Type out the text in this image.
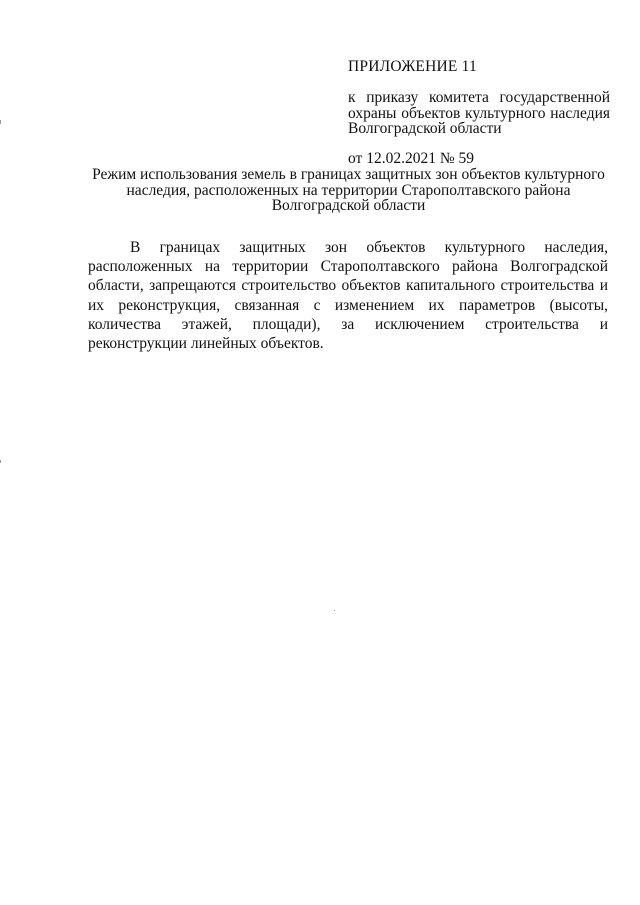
ПРИЛОЖЕНИЕ 11

к приказу комитета государственной охраны объектов культурного наследия Волгоградской области

от 12.02.2021 № 59

Режим использования земель в границах защитных зон объектов культурного наследия, расположенных на территории Старополтавского района Волгоградской области

В границах защитных зон объектов культурного наследия, расположенных на территории Старополтавского района Волгоградской области, запрещаются строительство объектов капитального строительства и их реконструкция, связанная с изменением их параметров (высоты, количества этажей, площади), за исключением строительства и реконструкции линейных объектов.
